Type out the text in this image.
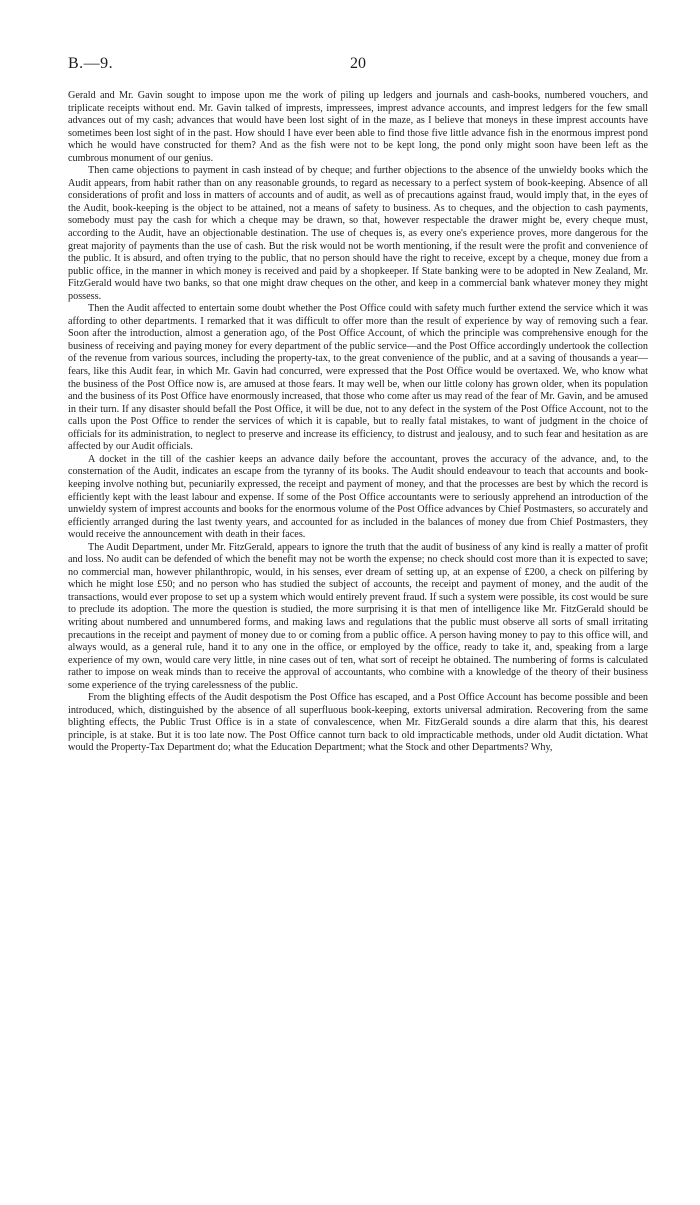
B.—9.	20

Gerald and Mr. Gavin sought to impose upon me the work of piling up ledgers and journals and cash-books, numbered vouchers, and triplicate receipts without end. Mr. Gavin talked of imprests, impressees, imprest advance accounts, and imprest ledgers for the few small advances out of my cash; advances that would have been lost sight of in the maze, as I believe that moneys in these imprest accounts have sometimes been lost sight of in the past. How should I have ever been able to find those five little advance fish in the enormous imprest pond which he would have constructed for them? And as the fish were not to be kept long, the pond only might soon have been left as the cumbrous monument of our genius.

Then came objections to payment in cash instead of by cheque; and further objections to the absence of the unwieldy books which the Audit appears, from habit rather than on any reasonable grounds, to regard as necessary to a perfect system of book-keeping. Absence of all considerations of profit and loss in matters of accounts and of audit, as well as of precautions against fraud, would imply that, in the eyes of the Audit, book-keeping is the object to be attained, not a means of safety to business. As to cheques, and the objection to cash payments, somebody must pay the cash for which a cheque may be drawn, so that, however respectable the drawer might be, every cheque must, according to the Audit, have an objectionable destination. The use of cheques is, as every one's experience proves, more dangerous for the great majority of payments than the use of cash. But the risk would not be worth mentioning, if the result were the profit and convenience of the public. It is absurd, and often trying to the public, that no person should have the right to receive, except by a cheque, money due from a public office, in the manner in which money is received and paid by a shopkeeper. If State banking were to be adopted in New Zealand, Mr. FitzGerald would have two banks, so that one might draw cheques on the other, and keep in a commercial bank whatever money they might possess.

Then the Audit affected to entertain some doubt whether the Post Office could with safety much further extend the service which it was affording to other departments. I remarked that it was difficult to offer more than the result of experience by way of removing such a fear. Soon after the introduction, almost a generation ago, of the Post Office Account, of which the principle was comprehensive enough for the business of receiving and paying money for every department of the public service—and the Post Office accordingly undertook the collection of the revenue from various sources, including the property-tax, to the great convenience of the public, and at a saving of thousands a year—fears, like this Audit fear, in which Mr. Gavin had concurred, were expressed that the Post Office would be overtaxed. We, who know what the business of the Post Office now is, are amused at those fears. It may well be, when our little colony has grown older, when its population and the business of its Post Office have enormously increased, that those who come after us may read of the fear of Mr. Gavin, and be amused in their turn. If any disaster should befall the Post Office, it will be due, not to any defect in the system of the Post Office Account, not to the calls upon the Post Office to render the services of which it is capable, but to really fatal mistakes, to want of judgment in the choice of officials for its administration, to neglect to preserve and increase its efficiency, to distrust and jealousy, and to such fear and hesitation as are affected by our Audit officials.

A docket in the till of the cashier keeps an advance daily before the accountant, proves the accuracy of the advance, and, to the consternation of the Audit, indicates an escape from the tyranny of its books. The Audit should endeavour to teach that accounts and book-keeping involve nothing but, pecuniarily expressed, the receipt and payment of money, and that the processes are best by which the record is efficiently kept with the least labour and expense. If some of the Post Office accountants were to seriously apprehend an introduction of the unwieldy system of imprest accounts and books for the enormous volume of the Post Office advances by Chief Postmasters, so accurately and efficiently arranged during the last twenty years, and accounted for as included in the balances of money due from Chief Postmasters, they would receive the announcement with death in their faces.

The Audit Department, under Mr. FitzGerald, appears to ignore the truth that the audit of business of any kind is really a matter of profit and loss. No audit can be defended of which the benefit may not be worth the expense; no check should cost more than it is expected to save; no commercial man, however philanthropic, would, in his senses, ever dream of setting up, at an expense of £200, a check on pilfering by which he might lose £50; and no person who has studied the subject of accounts, the receipt and payment of money, and the audit of the transactions, would ever propose to set up a system which would entirely prevent fraud. If such a system were possible, its cost would be sure to preclude its adoption. The more the question is studied, the more surprising it is that men of intelligence like Mr. FitzGerald should be writing about numbered and unnumbered forms, and making laws and regulations that the public must observe all sorts of small irritating precautions in the receipt and payment of money due to or coming from a public office. A person having money to pay to this office will, and always would, as a general rule, hand it to any one in the office, or employed by the office, ready to take it, and, speaking from a large experience of my own, would care very little, in nine cases out of ten, what sort of receipt he obtained. The numbering of forms is calculated rather to impose on weak minds than to receive the approval of accountants, who combine with a knowledge of the theory of their business some experience of the trying carelessness of the public.

From the blighting effects of the Audit despotism the Post Office has escaped, and a Post Office Account has become possible and been introduced, which, distinguished by the absence of all superfluous book-keeping, extorts universal admiration. Recovering from the same blighting effects, the Public Trust Office is in a state of convalescence, when Mr. FitzGerald sounds a dire alarm that this, his dearest principle, is at stake. But it is too late now. The Post Office cannot turn back to old impracticable methods, under old Audit dictation. What would the Property-Tax Department do; what the Education Department; what the Stock and other Departments? Why,
